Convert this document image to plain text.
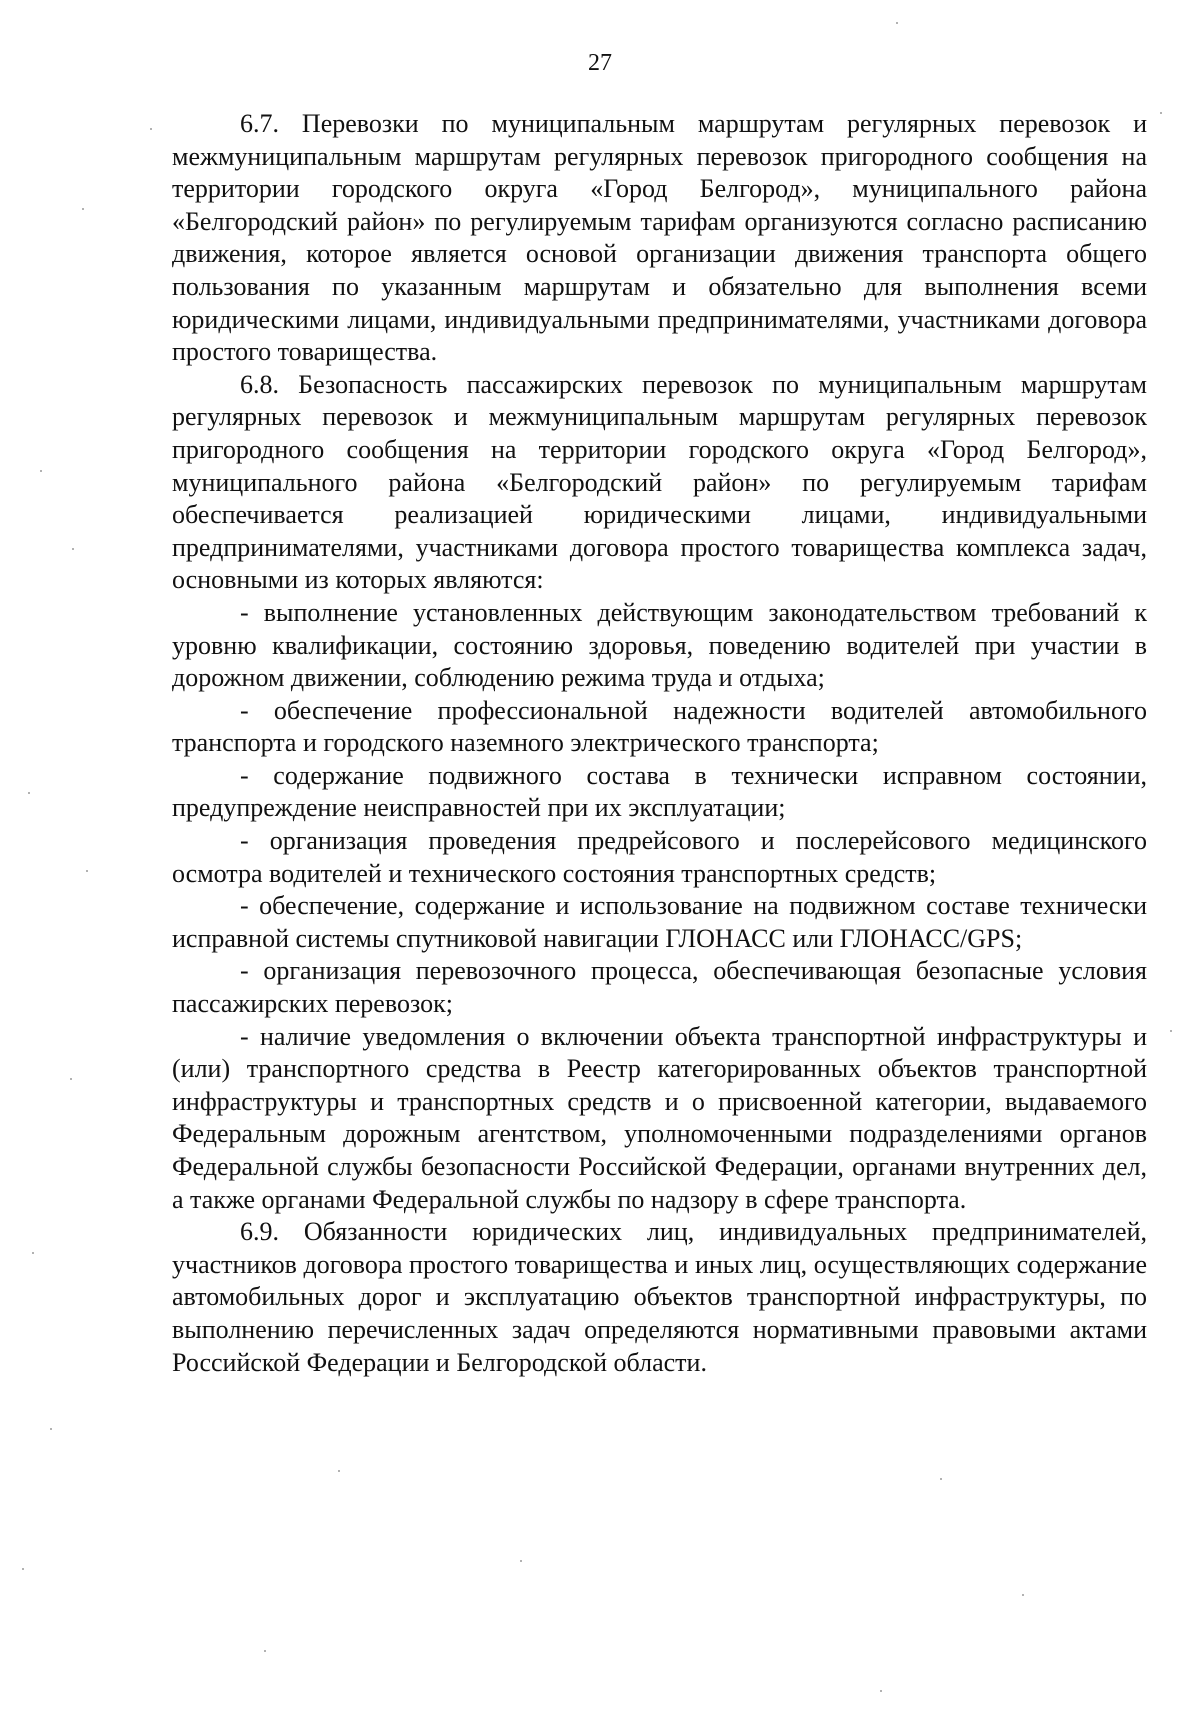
27

6.7. Перевозки по муниципальным маршрутам регулярных перевозок и межмуниципальным маршрутам регулярных перевозок пригородного сообщения на территории городского округа «Город Белгород», муниципального района «Белгородский район» по регулируемым тарифам организуются согласно расписанию движения, которое является основой организации движения транспорта общего пользования по указанным маршрутам и обязательно для выполнения всеми юридическими лицами, индивидуальными предпринимателями, участниками договора простого товарищества.

6.8. Безопасность пассажирских перевозок по муниципальным маршрутам регулярных перевозок и межмуниципальным маршрутам регулярных перевозок пригородного сообщения на территории городского округа «Город Белгород», муниципального района «Белгородский район» по регулируемым тарифам обеспечивается реализацией юридическими лицами, индивидуальными предпринимателями, участниками договора простого товарищества комплекса задач, основными из которых являются:

- выполнение установленных действующим законодательством требований к уровню квалификации, состоянию здоровья, поведению водителей при участии в дорожном движении, соблюдению режима труда и отдыха;

- обеспечение профессиональной надежности водителей автомобильного транспорта и городского наземного электрического транспорта;

- содержание подвижного состава в технически исправном состоянии, предупреждение неисправностей при их эксплуатации;

- организация проведения предрейсового и послерейсового медицинского осмотра водителей и технического состояния транспортных средств;

- обеспечение, содержание и использование на подвижном составе технически исправной системы спутниковой навигации ГЛОНАСС или ГЛОНАСС/GPS;

- организация перевозочного процесса, обеспечивающая безопасные условия пассажирских перевозок;

- наличие уведомления о включении объекта транспортной инфраструктуры и (или) транспортного средства в Реестр категорированных объектов транспортной инфраструктуры и транспортных средств и о присвоенной категории, выдаваемого Федеральным дорожным агентством, уполномоченными подразделениями органов Федеральной службы безопасности Российской Федерации, органами внутренних дел, а также органами Федеральной службы по надзору в сфере транспорта.

6.9. Обязанности юридических лиц, индивидуальных предпринимателей, участников договора простого товарищества и иных лиц, осуществляющих содержание автомобильных дорог и эксплуатацию объектов транспортной инфраструктуры, по выполнению перечисленных задач определяются нормативными правовыми актами Российской Федерации и Белгородской области.
